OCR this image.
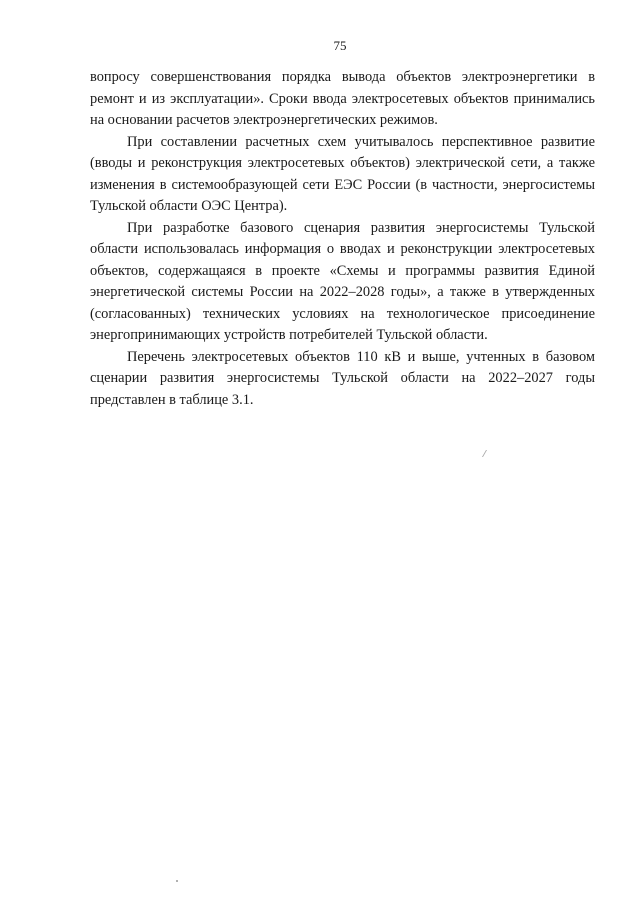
75

вопросу совершенствования порядка вывода объектов электроэнергетики в ремонт и из эксплуатации». Сроки ввода электросетевых объектов принимались на основании расчетов электроэнергетических режимов.

При составлении расчетных схем учитывалось перспективное развитие (вводы и реконструкция электросетевых объектов) электрической сети, а также изменения в системообразующей сети ЕЭС России (в частности, энергосистемы Тульской области ОЭС Центра).

При разработке базового сценария развития энергосистемы Тульской области использовалась информация о вводах и реконструкции электросетевых объектов, содержащаяся в проекте «Схемы и программы развития Единой энергетической системы России на 2022–2028 годы», а также в утвержденных (согласованных) технических условиях на технологическое присоединение энергопринимающих устройств потребителей Тульской области.

Перечень электросетевых объектов 110 кВ и выше, учтенных в базовом сценарии развития энергосистемы Тульской области на 2022–2027 годы представлен в таблице 3.1.
